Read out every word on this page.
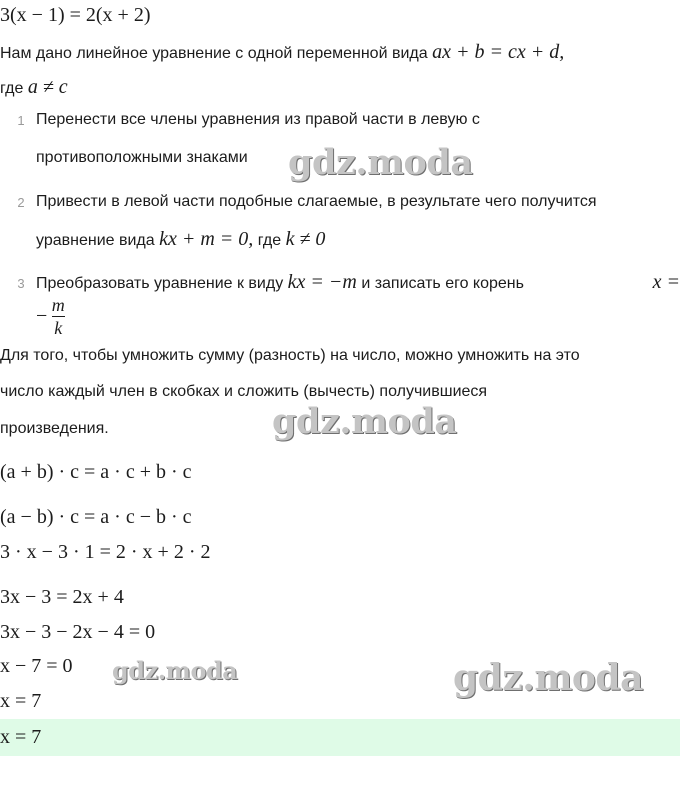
3(x − 1) = 2(x + 2)
Нам дано линейное уравнение с одной переменной вида ax + b = cx + d,
где a ≠ c
1 Перенести все члены уравнения из правой части в левую с
противоположными знаками
2 Привести в левой части подобные слагаемые, в результате чего получится
уравнение вида kx + m = 0, где k ≠ 0
3 Преобразовать уравнение к виду kx = −m и записать его корень	x =
− $\frac{m}{k}$
Для того, чтобы умножить сумму (разность) на число, можно умножить на это
число каждый член в скобках и сложить (вычесть) получившиеся
произведения.
(a + b) · c = a · c + b · c
(a − b) · c = a · c − b · c
3 · x − 3 · 1 = 2 · x + 2 · 2
3x − 3 = 2x + 4
3x − 3 − 2x − 4 = 0
x − 7 = 0
x = 7
x = 7
gdz.moda
gdz.moda
gdz.moda	gdz.moda
